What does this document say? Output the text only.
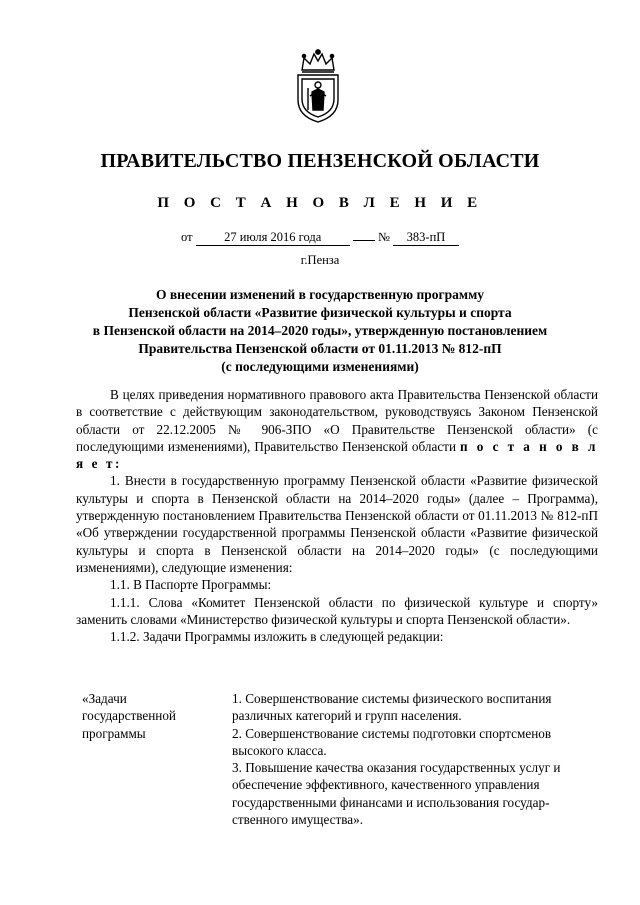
ПРАВИТЕЛЬСТВО ПЕНЗЕНСКОЙ ОБЛАСТИ
П О С Т А Н О В Л Е Н И Е
от	27 июля 2016 года	№ 383-пП
г.Пенза
О внесении изменений в государственную программу
Пензенской области «Развитие физической культуры и спорта
в Пензенской области на 2014–2020 годы», утвержденную постановлением
Правительства Пензенской области от 01.11.2013 № 812-пП
(с последующими изменениями)

В целях приведения нормативного правового акта Правительства Пензенской области в соответствие с действующим законодательством, руководствуясь Законом Пензенской области от 22.12.2005 № 906-ЗПО «О Правительстве Пензенской области» (с последующими изменениями), Правительство Пензенской области п о с т а н о в л я е т:

1. Внести в государственную программу Пензенской области «Развитие физической культуры и спорта в Пензенской области на 2014–2020 годы» (далее – Программа), утвержденную постановлением Правительства Пензенской области от 01.11.2013 № 812-пП «Об утверждении государственной программы Пензенской области «Развитие физической культуры и спорта в Пензенской области на 2014–2020 годы» (с последующими изменениями), следующие изменения:

1.1. В Паспорте Программы:

1.1.1. Слова «Комитет Пензенской области по физической культуре и спорту» заменить словами «Министерство физической культуры и спорта Пензенской области».

1.1.2. Задачи Программы изложить в следующей редакции:

«Задачи
государственной
программы

1. Совершенствование системы физического воспитания различных категорий и групп населения.

2. Совершенствование системы подготовки спортсменов высокого класса.

3. Повышение качества оказания государственных услуг и обеспечение эффективного, качественного управления государственными финансами и использования государ-ственного имущества».
